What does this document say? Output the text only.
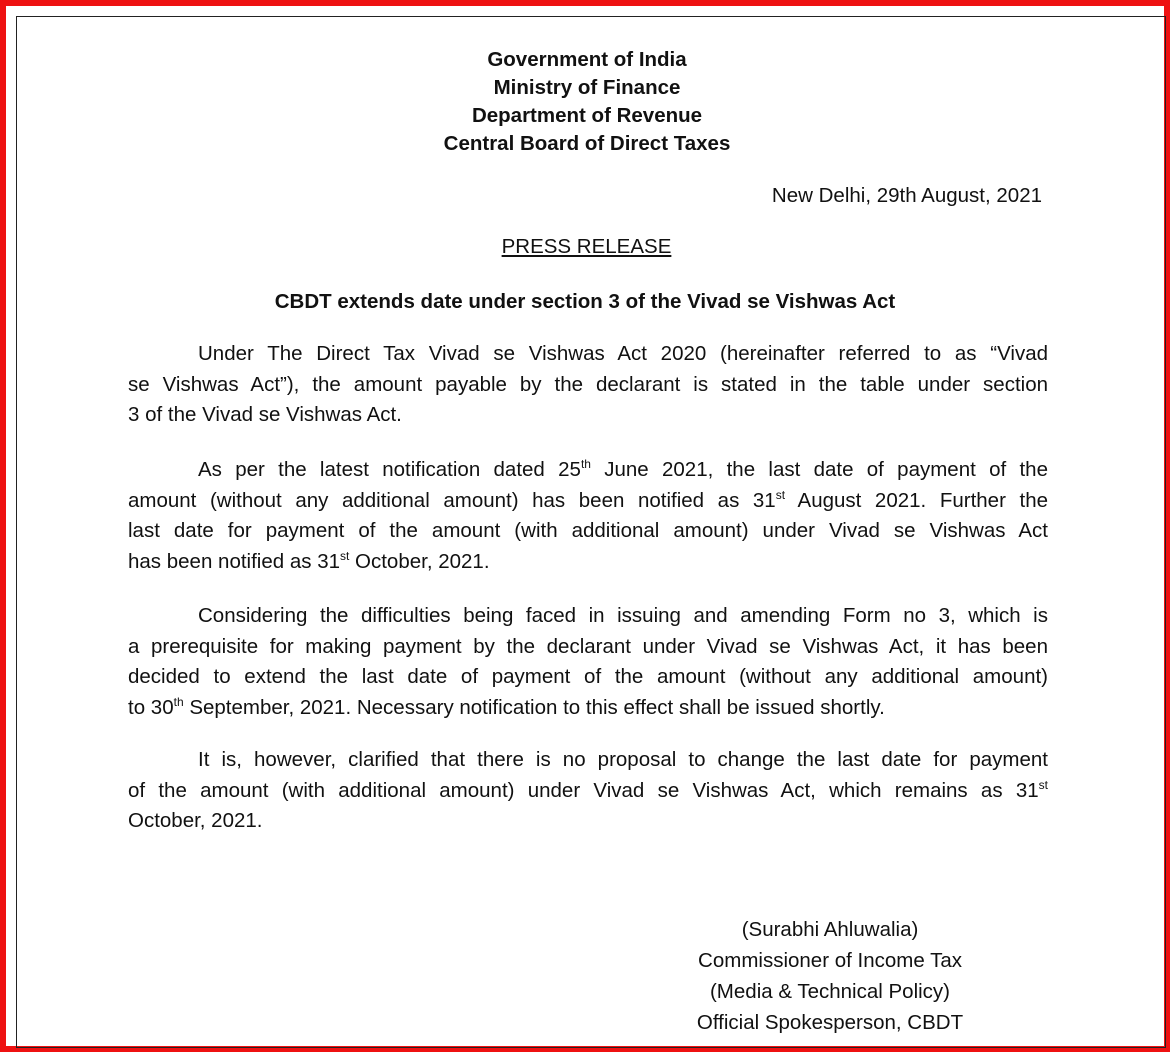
Government of India
Ministry of Finance
Department of Revenue
Central Board of Direct Taxes
New Delhi, 29th August, 2021
PRESS RELEASE
CBDT extends date under section 3 of the Vivad se Vishwas Act
Under The Direct Tax Vivad se Vishwas Act 2020 (hereinafter referred to as “Vivad
se Vishwas Act”), the amount payable by the declarant is stated in the table under section
3 of the Vivad se Vishwas Act.
As per the latest notification dated 25th June 2021, the last date of payment of the
amount (without any additional amount) has been notified as 31st August 2021. Further the
last date for payment of the amount (with additional amount) under Vivad se Vishwas Act
has been notified as 31st October, 2021.
Considering the difficulties being faced in issuing and amending Form no 3, which is
a prerequisite for making payment by the declarant under Vivad se Vishwas Act, it has been
decided to extend the last date of payment of the amount (without any additional amount)
to 30th September, 2021. Necessary notification to this effect shall be issued shortly.
It is, however, clarified that there is no proposal to change the last date for payment
of the amount (with additional amount) under Vivad se Vishwas Act, which remains as 31st
October, 2021.
(Surabhi Ahluwalia)
Commissioner of Income Tax
(Media & Technical Policy)
Official Spokesperson, CBDT
